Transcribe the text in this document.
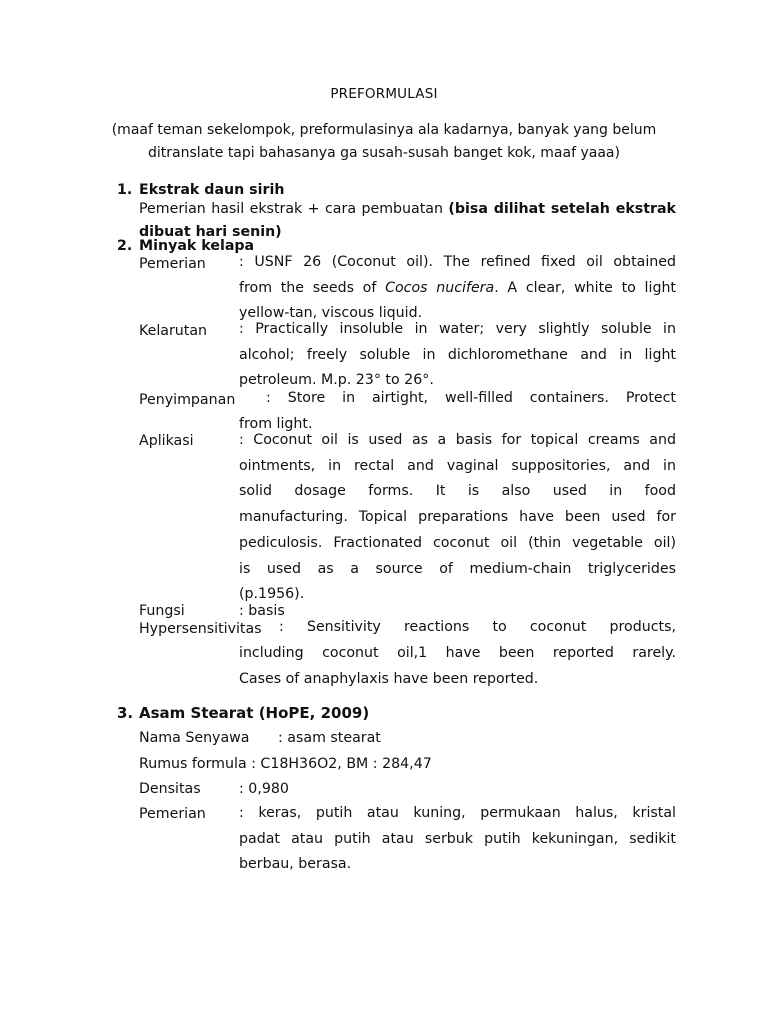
PREFORMULASI
(maaf teman sekelompok, preformulasinya ala kadarnya, banyak yang belum
ditranslate tapi bahasanya ga susah-susah banget kok, maaf yaaa)
1. Ekstrak daun sirih
Pemerian hasil ekstrak + cara pembuatan (bisa dilihat setelah ekstrak
dibuat hari senin)
2. Minyak kelapa
Pemerian : USNF 26 (Coconut oil). The refined fixed oil obtained
from the seeds of Cocos nucifera. A clear, white to light
yellow-tan, viscous liquid.
Kelarutan : Practically insoluble in water; very slightly soluble in
alcohol; freely soluble in dichloromethane and in light
petroleum. M.p. 23° to 26°.
Penyimpanan : Store in airtight, well-filled containers. Protect
from light.
Aplikasi	: Coconut oil is used as a basis for topical creams and
ointments, in rectal and vaginal suppositories, and in
solid dosage forms. It is also used in food
manufacturing. Topical preparations have been used for
pediculosis. Fractionated coconut oil (thin vegetable oil)
is used as a source of medium-chain triglycerides
(p.1956).
Fungsi	: basis
Hypersensitivitas : Sensitivity reactions to coconut products,
including coconut oil,1 have been reported rarely.
Cases of anaphylaxis have been reported.
3. Asam Stearat (HoPE, 2009)
Nama Senyawa : asam stearat
Rumus formula : C18H36O2, BM : 284,47
Densitas	: 0,980
Pemerian : keras, putih atau kuning, permukaan halus, kristal
padat atau putih atau serbuk putih kekuningan, sedikit
berbau, berasa.
